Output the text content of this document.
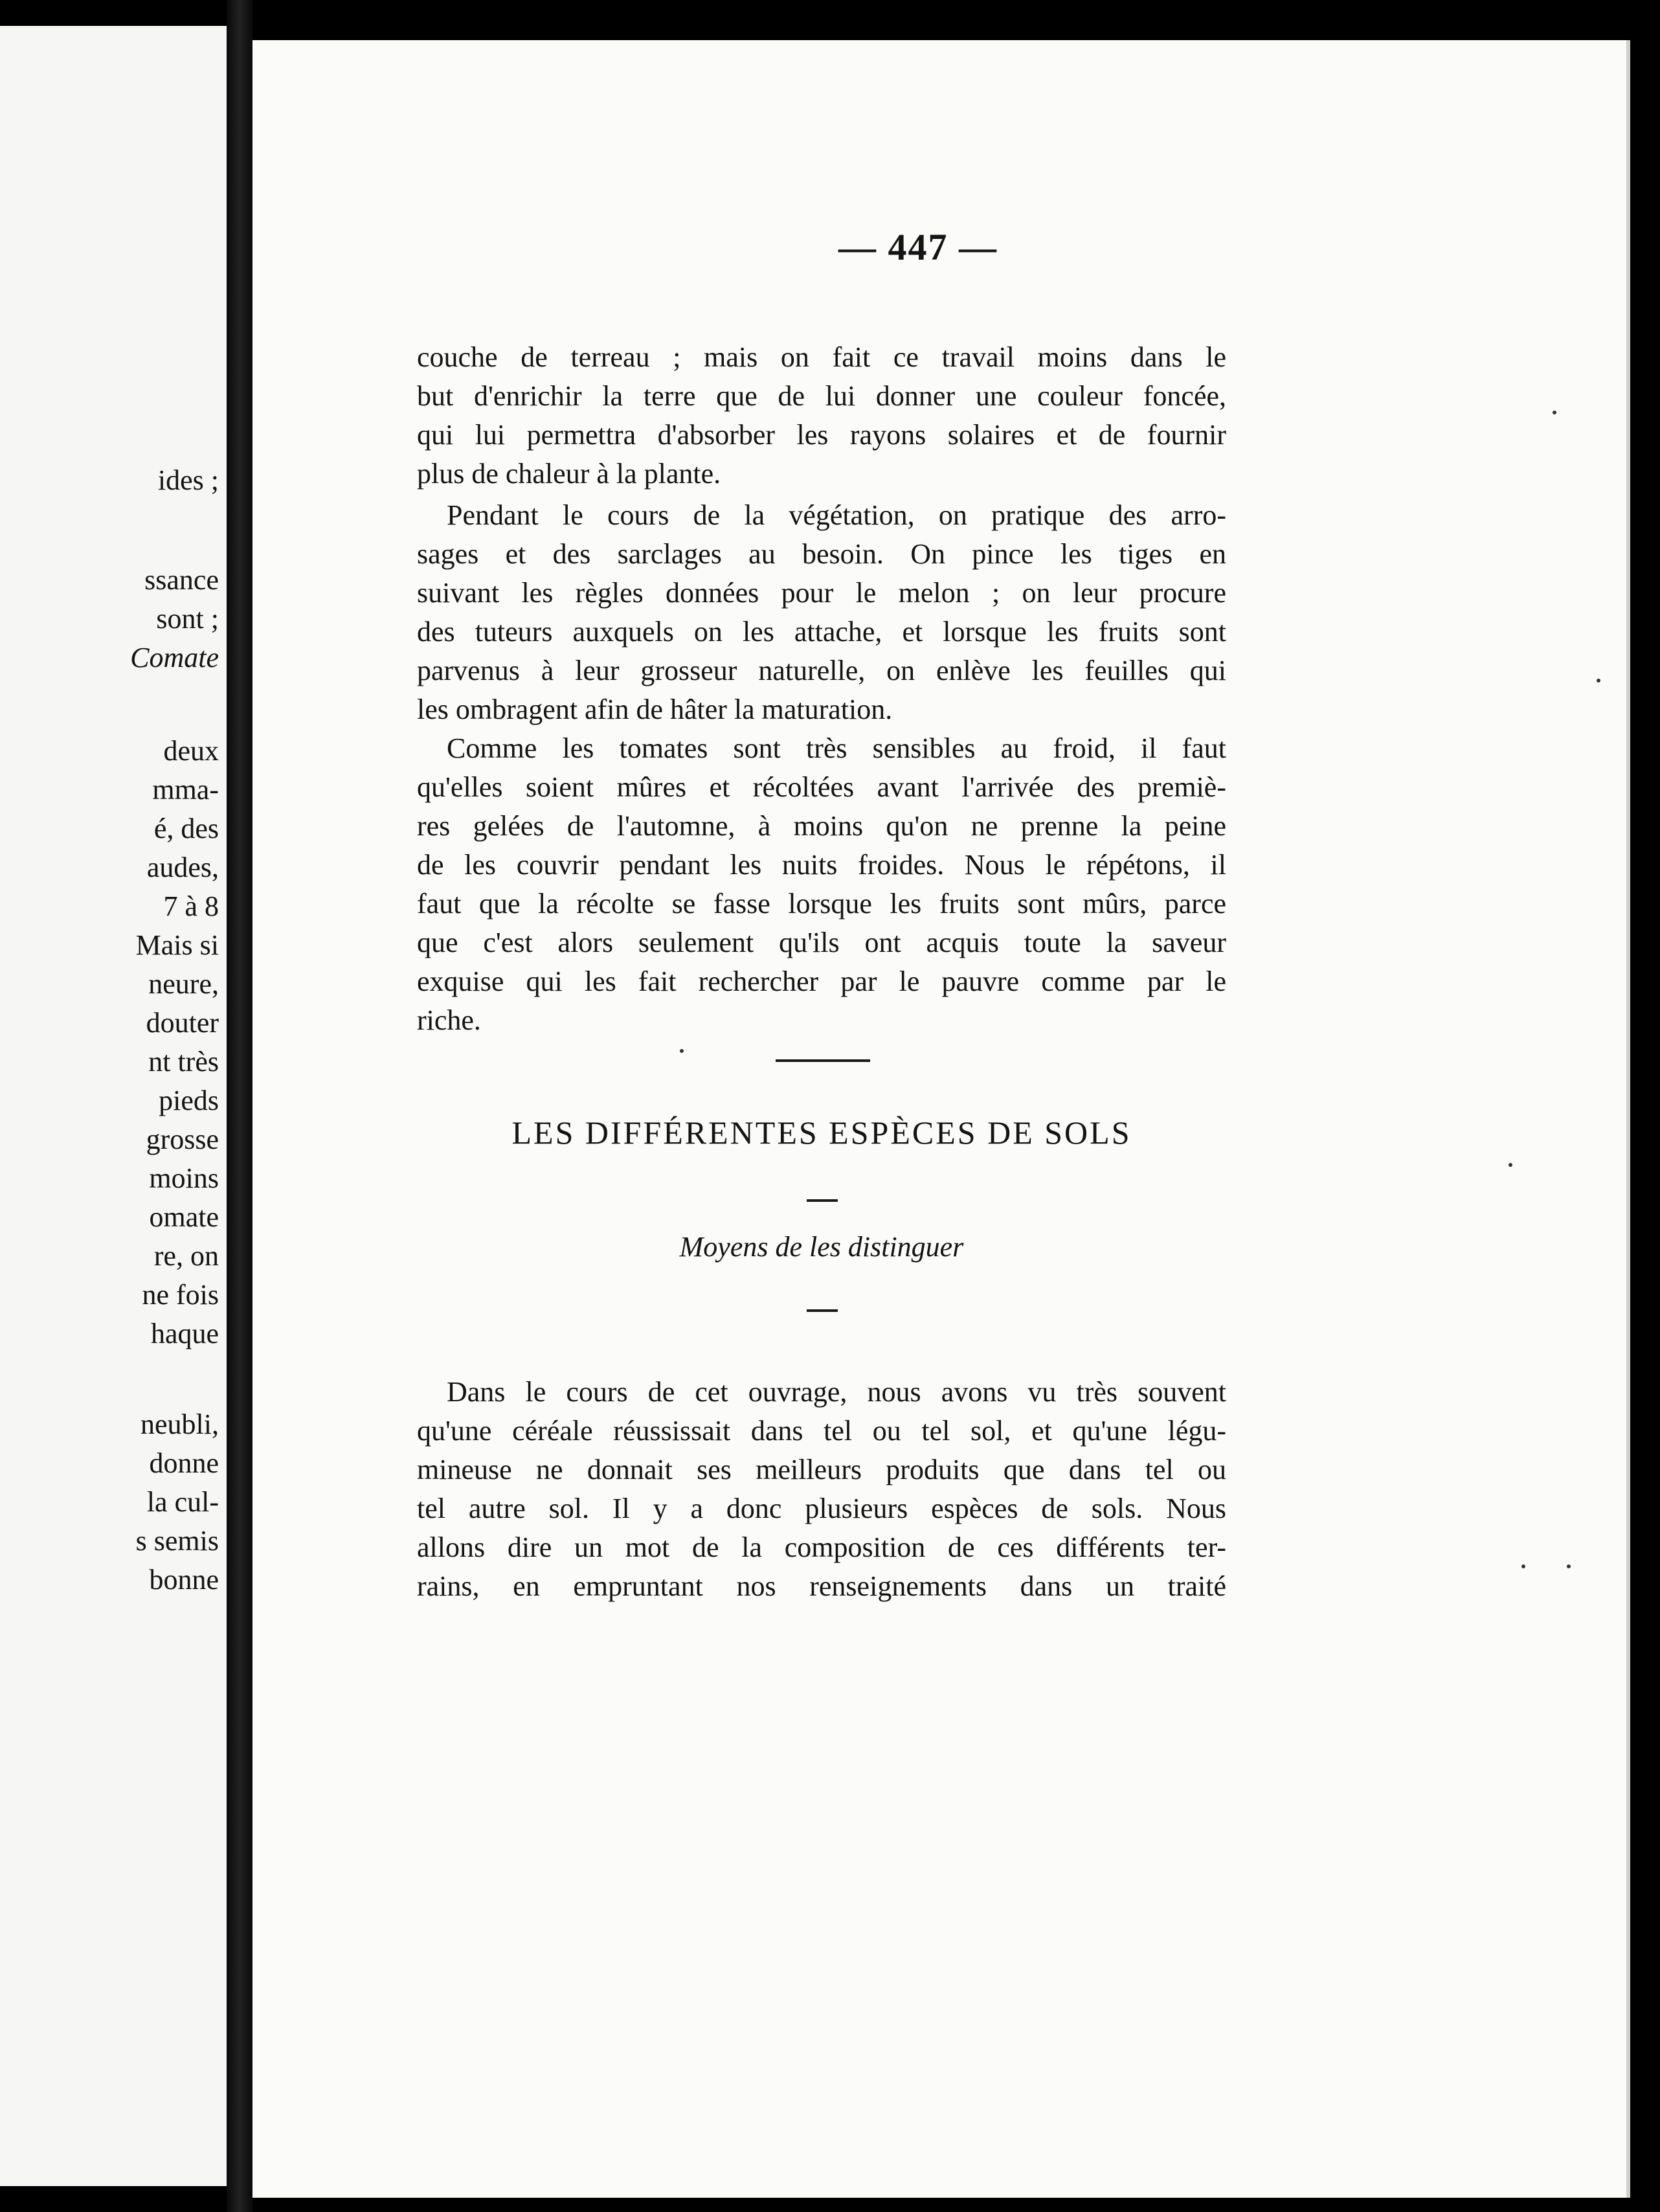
ides ;
ssance
sont ;
Comate
deux
mma-
é, des
audes,
7 à 8
Mais si
neure,
douter
nt très
pieds
grosse
moins
omate
re, on
ne fois
haque
neubli,
donne
la cul-
s semis
bonne
— 447 —
couche de terreau ; mais on fait ce travail moins dans le
but d'enrichir la terre que de lui donner une couleur foncée,
qui lui permettra d'absorber les rayons solaires et de fournir
plus de chaleur à la plante.
Pendant le cours de la végétation, on pratique des arro-
sages et des sarclages au besoin. On pince les tiges en
suivant les règles données pour le melon ; on leur procure
des tuteurs auxquels on les attache, et lorsque les fruits sont
parvenus à leur grosseur naturelle, on enlève les feuilles qui
les ombragent afin de hâter la maturation.
Comme les tomates sont très sensibles au froid, il faut
qu'elles soient mûres et récoltées avant l'arrivée des premiè-
res gelées de l'automne, à moins qu'on ne prenne la peine
de les couvrir pendant les nuits froides. Nous le répétons, il
faut que la récolte se fasse lorsque les fruits sont mûrs, parce
que c'est alors seulement qu'ils ont acquis toute la saveur
exquise qui les fait rechercher par le pauvre comme par le
riche.
LES DIFFÉRENTES ESPÈCES DE SOLS
Moyens de les distinguer
Dans le cours de cet ouvrage, nous avons vu très souvent
qu'une céréale réussissait dans tel ou tel sol, et qu'une légu-
mineuse ne donnait ses meilleurs produits que dans tel ou
tel autre sol. Il y a donc plusieurs espèces de sols. Nous
allons dire un mot de la composition de ces différents ter-
rains, en empruntant nos renseignements dans un traité
